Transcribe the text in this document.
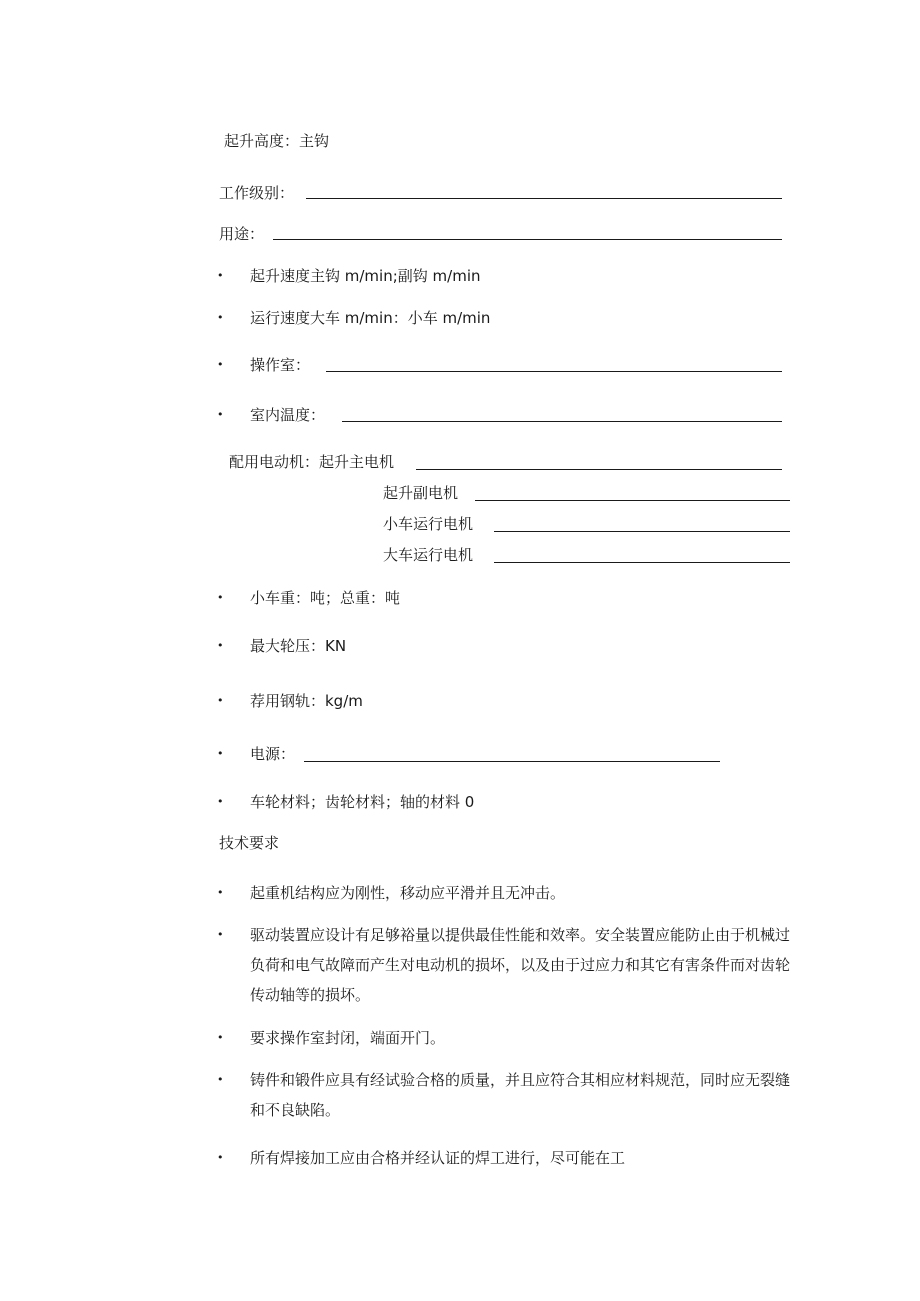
起升高度：主钩
工作级别：
用途：
• 起升速度主钩 m/min;副钩 m/min
• 运行速度大车 m/min：小车 m/min
• 操作室：
• 室内温度：
配用电动机：起升主电机
起升副电机
小车运行电机
大车运行电机
• 小车重：吨；总重：吨
• 最大轮压：KN
• 荐用钢轨：kg/m
• 电源：
• 车轮材料；齿轮材料；轴的材料 0
技术要求
• 起重机结构应为刚性，移动应平滑并且无冲击。
• 驱动装置应设计有足够裕量以提供最佳性能和效率。安全装置应能防止由于机械过负荷和电气故障而产生对电动机的损坏，以及由于过应力和其它有害条件而对齿轮传动轴等的损坏。
• 要求操作室封闭，端面开门。
• 铸件和锻件应具有经试验合格的质量，并且应符合其相应材料规范，同时应无裂缝和不良缺陷。
• 所有焊接加工应由合格并经认证的焊工进行，尽可能在工
